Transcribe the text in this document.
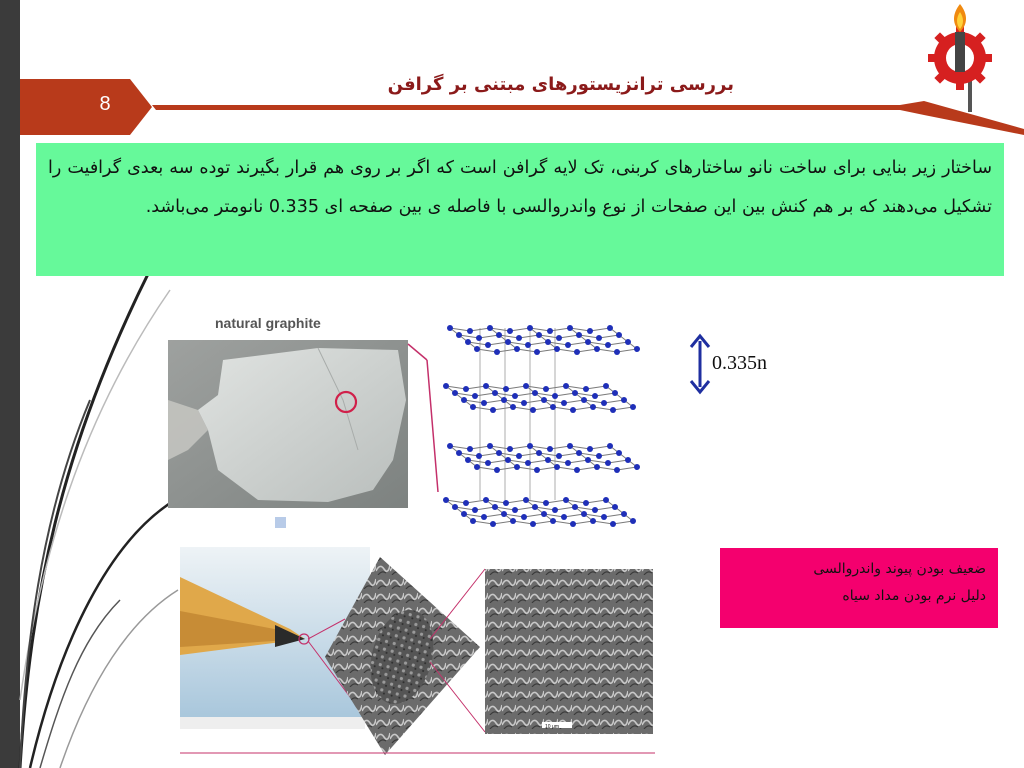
8
بررسی ترانزیستورهای مبتنی بر گرافن
ساختار زیر بنایی برای ساخت نانو ساختارهای کربنی، تک لایه گرافن است که اگر بر روی هم قرار بگیرند توده سه بعدی گرافیت را تشکیل می‌دهند که بر هم کنش بین این صفحات از نوع واندروالسی با فاصله ی بین صفحه ای 0.335 نانومتر می‌باشد.
natural graphite
0.335n
10 μm
ضعیف بودن پیوند واندروالسی
دلیل نرم بودن مداد سیاه
